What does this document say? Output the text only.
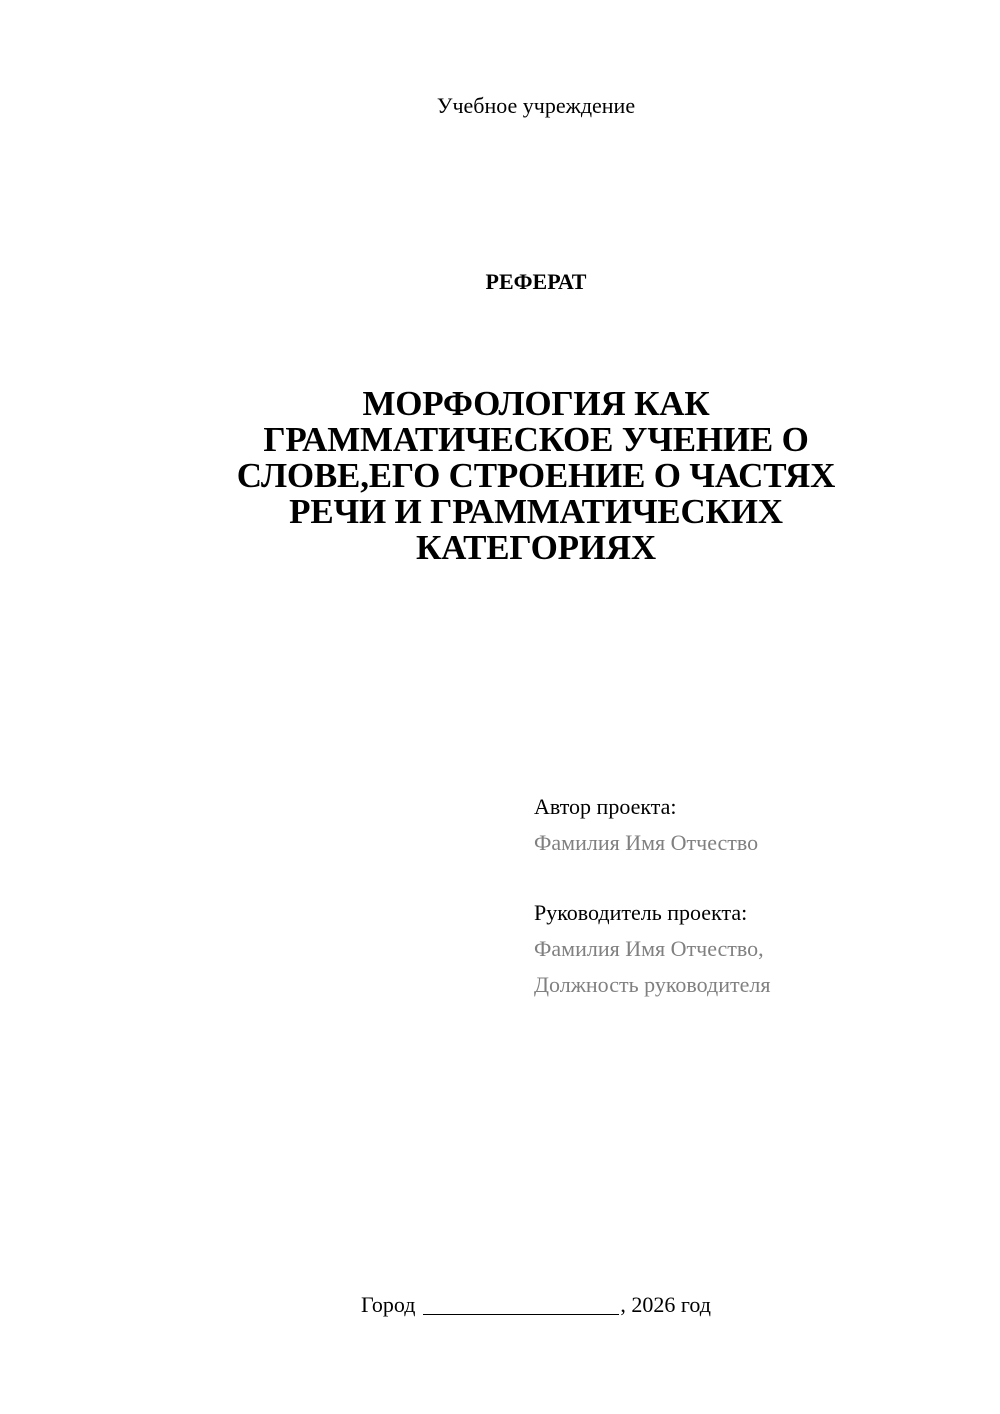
Учебное учреждение
РЕФЕРАТ
МОРФОЛОГИЯ КАК
ГРАММАТИЧЕСКОЕ УЧЕНИЕ О
СЛОВЕ,ЕГО СТРОЕНИЕ О ЧАСТЯХ
РЕЧИ И ГРАММАТИЧЕСКИХ
КАТЕГОРИЯХ
Автор проекта:
Фамилия Имя Отчество
Руководитель проекта:
Фамилия Имя Отчество,
Должность руководителя
Город	, 2026 год
